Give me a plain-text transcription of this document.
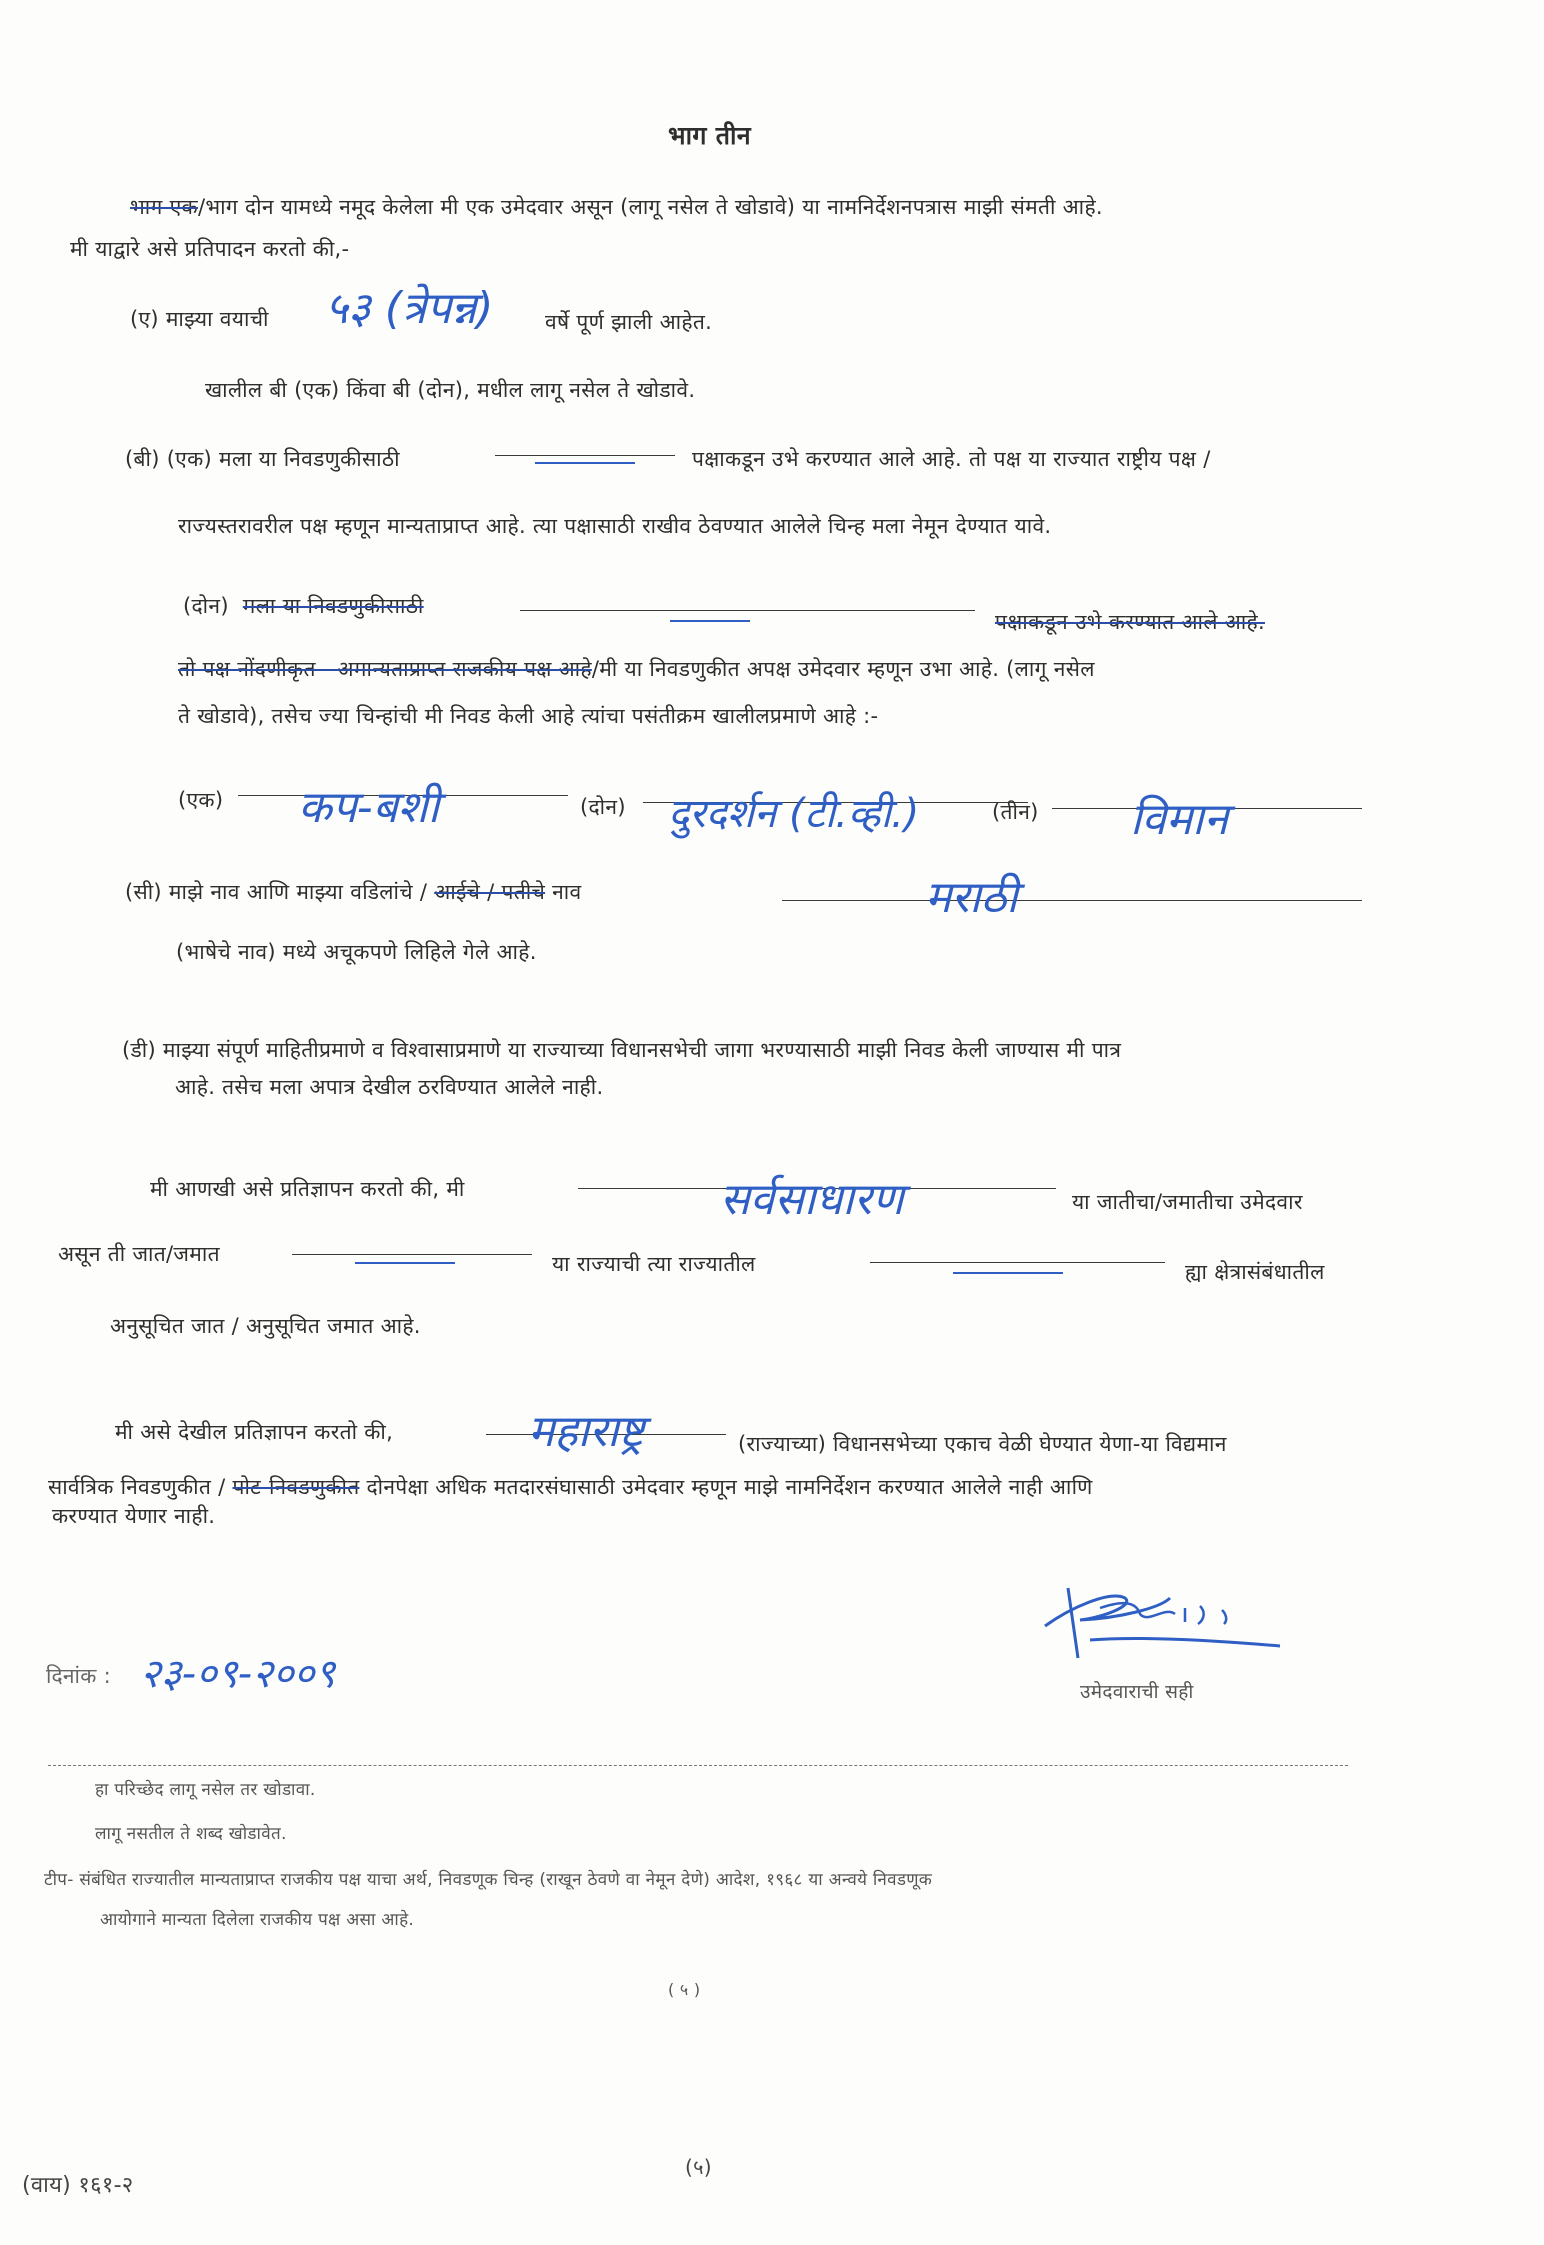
भाग तीन
भाग एक/भाग दोन यामध्ये नमूद केलेला मी एक उमेदवार असून (लागू नसेल ते खोडावे) या नामनिर्देशनपत्रास माझी संमती आहे.
मी याद्वारे असे प्रतिपादन करतो की,-
(ए) माझ्या वयाची ५३ (त्रेपन्न) वर्षे पूर्ण झाली आहेत.
खालील बी (एक) किंवा बी (दोन), मधील लागू नसेल ते खोडावे.
(बी) (एक) मला या निवडणुकीसाठी	पक्षाकडून उभे करण्यात आले आहे. तो पक्ष या राज्यात राष्ट्रीय पक्ष /
राज्यस्तरावरील पक्ष म्हणून मान्यताप्राप्त आहे. त्या पक्षासाठी राखीव ठेवण्यात आलेले चिन्ह मला नेमून देण्यात यावे.
(दोन) मला या निवडणुकीसाठी
पक्षाकडून उभे करण्यात आले आहे.
तो पक्ष नोंदणीकृत - अमान्यताप्राप्त राजकीय पक्ष आहे/मी या निवडणुकीत अपक्ष उमेदवार म्हणून उभा आहे. (लागू नसेल
ते खोडावे), तसेच ज्या चिन्हांची मी निवड केली आहे त्यांचा पसंतीक्रम खालीलप्रमाणे आहे :-
(एक) कप-बशी	(दोन) दुरदर्शन (टी.व्ही.)	(तीन) विमान
(सी) माझे नाव आणि माझ्या वडिलांचे / आईचे / पतीचे नाव	मराठी
(भाषेचे नाव) मध्ये अचूकपणे लिहिले गेले आहे.
(डी) माझ्या संपूर्ण माहितीप्रमाणे व विश्वासाप्रमाणे या राज्याच्या विधानसभेची जागा भरण्यासाठी माझी निवड केली जाण्यास मी पात्र
आहे. तसेच मला अपात्र देखील ठरविण्यात आलेले नाही.
मी आणखी असे प्रतिज्ञापन करतो की, मी	सर्वसाधारण	या जातीचा/जमातीचा उमेदवार
असून ती जात/जमात	या राज्याची त्या राज्यातील	ह्या क्षेत्रासंबंधातील
अनुसूचित जात / अनुसूचित जमात आहे.
मी असे देखील प्रतिज्ञापन करतो की,	महाराष्ट्र	(राज्याच्या) विधानसभेच्या एकाच वेळी घेण्यात येणा-या विद्यमान
सार्वत्रिक निवडणुकीत / पोट-निवडणुकीत दोनपेक्षा अधिक मतदारसंघासाठी उमेदवार म्हणून माझे नामनिर्देशन करण्यात आलेले नाही आणि
करण्यात येणार नाही.
उमेदवाराची सही
दिनांक : २३-०९-२००९
हा परिच्छेद लागू नसेल तर खोडावा.
लागू नसतील ते शब्द खोडावेत.
टीप- संबंधित राज्यातील मान्यताप्राप्त राजकीय पक्ष याचा अर्थ, निवडणूक चिन्ह (राखून ठेवणे वा नेमून देणे) आदेश, १९६८ या अन्वये निवडणूक
आयोगाने मान्यता दिलेला राजकीय पक्ष असा आहे.
( ५ )
(५)
(वाय) १६१-२
